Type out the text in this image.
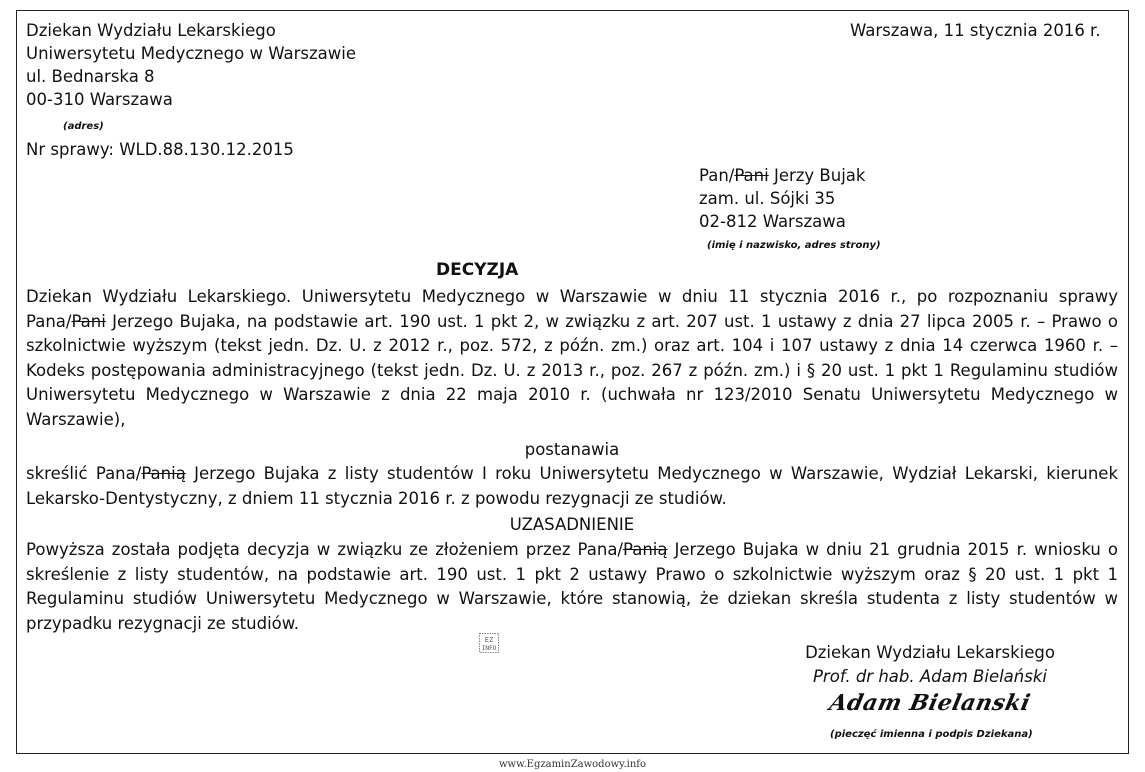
Dziekan Wydziału Lekarskiego
Uniwersytetu Medycznego w Warszawie
ul. Bednarska 8
00-310 Warszawa
(adres)
Nr sprawy: WLD.88.130.12.2015
Warszawa, 11 stycznia 2016 r.
Pan/Pani Jerzy Bujak
zam. ul. Sójki 35
02-812 Warszawa
(imię i nazwisko, adres strony)
DECYZJA
Dziekan Wydziału Lekarskiego. Uniwersytetu Medycznego w Warszawie w dniu 11 stycznia 2016 r., po rozpoznaniu sprawy Pana/Pani Jerzego Bujaka, na podstawie art. 190 ust. 1 pkt 2, w związku z art. 207 ust. 1 ustawy z dnia 27 lipca 2005 r. – Prawo o szkolnictwie wyższym (tekst jedn. Dz. U. z 2012 r., poz. 572, z późn. zm.) oraz art. 104 i 107 ustawy z dnia 14 czerwca 1960 r. – Kodeks postępowania administracyjnego (tekst jedn. Dz. U. z 2013 r., poz. 267 z późn. zm.) i § 20 ust. 1 pkt 1 Regulaminu studiów Uniwersytetu Medycznego w Warszawie z dnia 22 maja 2010 r. (uchwała nr 123/2010 Senatu Uniwersytetu Medycznego w Warszawie),
postanawia
skreślić Pana/Panią Jerzego Bujaka z listy studentów I roku Uniwersytetu Medycznego w Warszawie, Wydział Lekarski, kierunek Lekarsko-Dentystyczny, z dniem 11 stycznia 2016 r. z powodu rezygnacji ze studiów.
UZASADNIENIE
Powyższa została podjęta decyzja w związku ze złożeniem przez Pana/Panią Jerzego Bujaka w dniu 21 grudnia 2015 r. wniosku o skreślenie z listy studentów, na podstawie art. 190 ust. 1 pkt 2 ustawy Prawo o szkolnictwie wyższym oraz § 20 ust. 1 pkt 1 Regulaminu studiów Uniwersytetu Medycznego w Warszawie, które stanowią, że dziekan skreśla studenta z listy studentów w przypadku rezygnacji ze studiów.
EZ
INFO	Dziekan Wydziału Lekarskiego
Prof. dr hab. Adam Bielański
Adam Bielanski
(pieczęć imienna i podpis Dziekana)
www.EgzaminZawodowy.info
